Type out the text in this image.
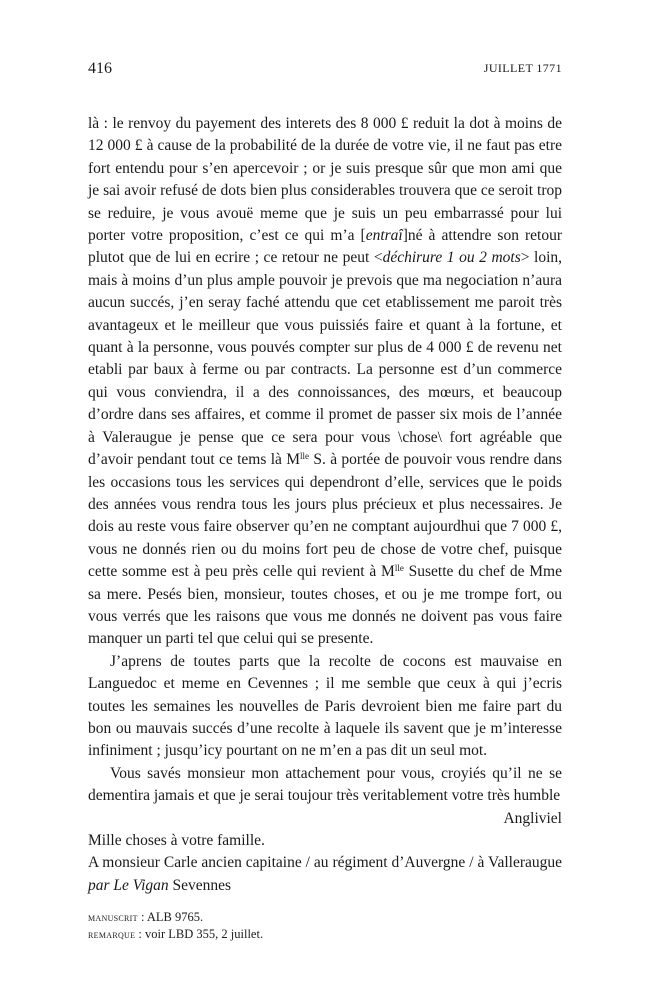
416	JUILLET 1771

là : le renvoy du payement des interets des 8 000 £ reduit la dot à moins de 12 000 £ à cause de la probabilité de la durée de votre vie, il ne faut pas etre fort entendu pour s’en apercevoir ; or je suis presque sûr que mon ami que je sai avoir refusé de dots bien plus considerables trouvera que ce seroit trop se reduire, je vous avoue͏̈ meme que je suis un peu embarrassé pour lui porter votre proposition, c’est ce qui m’a [entraî]né à attendre son retour plutot que de lui en ecrire ; ce retour ne peut <déchirure 1 ou 2 mots> loin, mais à moins d’un plus ample pouvoir je prevois que ma negociation n’aura aucun succés, j’en seray faché attendu que cet etablissement me paroit très avantageux et le meilleur que vous puissiés faire et quant à la fortune, et quant à la personne, vous pouvés compter sur plus de 4 000 £ de revenu net etabli par baux à ferme ou par contracts. La personne est d’un commerce qui vous conviendra, il a des connoissances, des mœurs, et beaucoup d’ordre dans ses affaires, et comme il promet de passer six mois de l’année à Valeraugue je pense que ce sera pour vous \chose\ fort agréable que d’avoir pendant tout ce tems là $M^{lle}$ S. à portée de pouvoir vous rendre dans les occasions tous les services qui dependront d’elle, services que le poids des années vous rendra tous les jours plus précieux et plus necessaires. Je dois au reste vous faire observer qu’en ne comptant aujourdhui que 7 000 £, vous ne donnés rien ou du moins fort peu de chose de votre chef, puisque cette somme est à peu près celle qui revient à $M^{lle}$ Susette du chef de Mme sa mere. Pesés bien, monsieur, toutes choses, et ou je me trompe fort, ou vous verrés que les raisons que vous me donnés ne doivent pas vous faire manquer un parti tel que celui qui se presente.

J’aprens de toutes parts que la recolte de cocons est mauvaise en Languedoc et meme en Cevennes ; il me semble que ceux à qui j’ecris toutes les semaines les nouvelles de Paris devroient bien me faire part du bon ou mauvais succés d’une recolte à laquele ils savent que je m’interesse infiniment ; jusqu’icy pourtant on ne m’en a pas dit un seul mot.

Vous savés monsieur mon attachement pour vous, croyiés qu’il ne se dementira jamais et que je serai toujour très veritablement votre très humble

Angliviel

Mille choses à votre famille.

A monsieur Carle ancien capitaine / au régiment d’Auvergne / à Valleraugue par Le Vigan Sevennes

manuscrit : ALB 9765.
remarque : voir LBD 355, 2 juillet.
